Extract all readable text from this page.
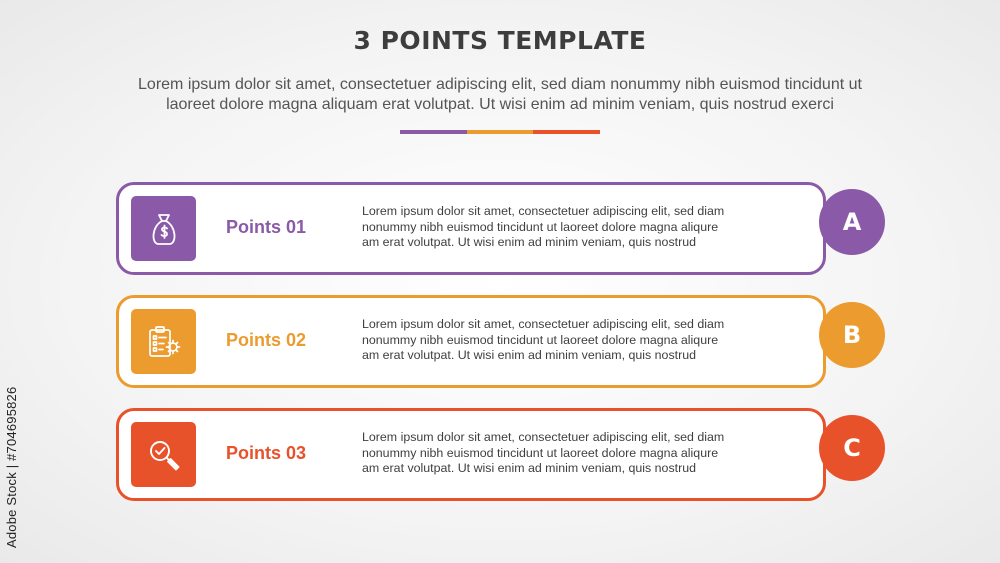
3 POINTS TEMPLATE
Lorem ipsum dolor sit amet, consectetuer adipiscing elit, sed diam nonummy nibh euismod tincidunt ut
laoreet dolore magna aliquam erat volutpat. Ut wisi enim ad minim veniam, quis nostrud exerci
Points 01
Lorem ipsum dolor sit amet, consectetuer adipiscing elit, sed diam
nonummy nibh euismod tincidunt ut laoreet dolore magna aliqure
am erat volutpat. Ut wisi enim ad minim veniam, quis nostrud
A
Points 02
Lorem ipsum dolor sit amet, consectetuer adipiscing elit, sed diam
nonummy nibh euismod tincidunt ut laoreet dolore magna aliqure
am erat volutpat. Ut wisi enim ad minim veniam, quis nostrud
B
Points 03
Lorem ipsum dolor sit amet, consectetuer adipiscing elit, sed diam
nonummy nibh euismod tincidunt ut laoreet dolore magna aliqure
am erat volutpat. Ut wisi enim ad minim veniam, quis nostrud
C
Adobe Stock | #704695826
